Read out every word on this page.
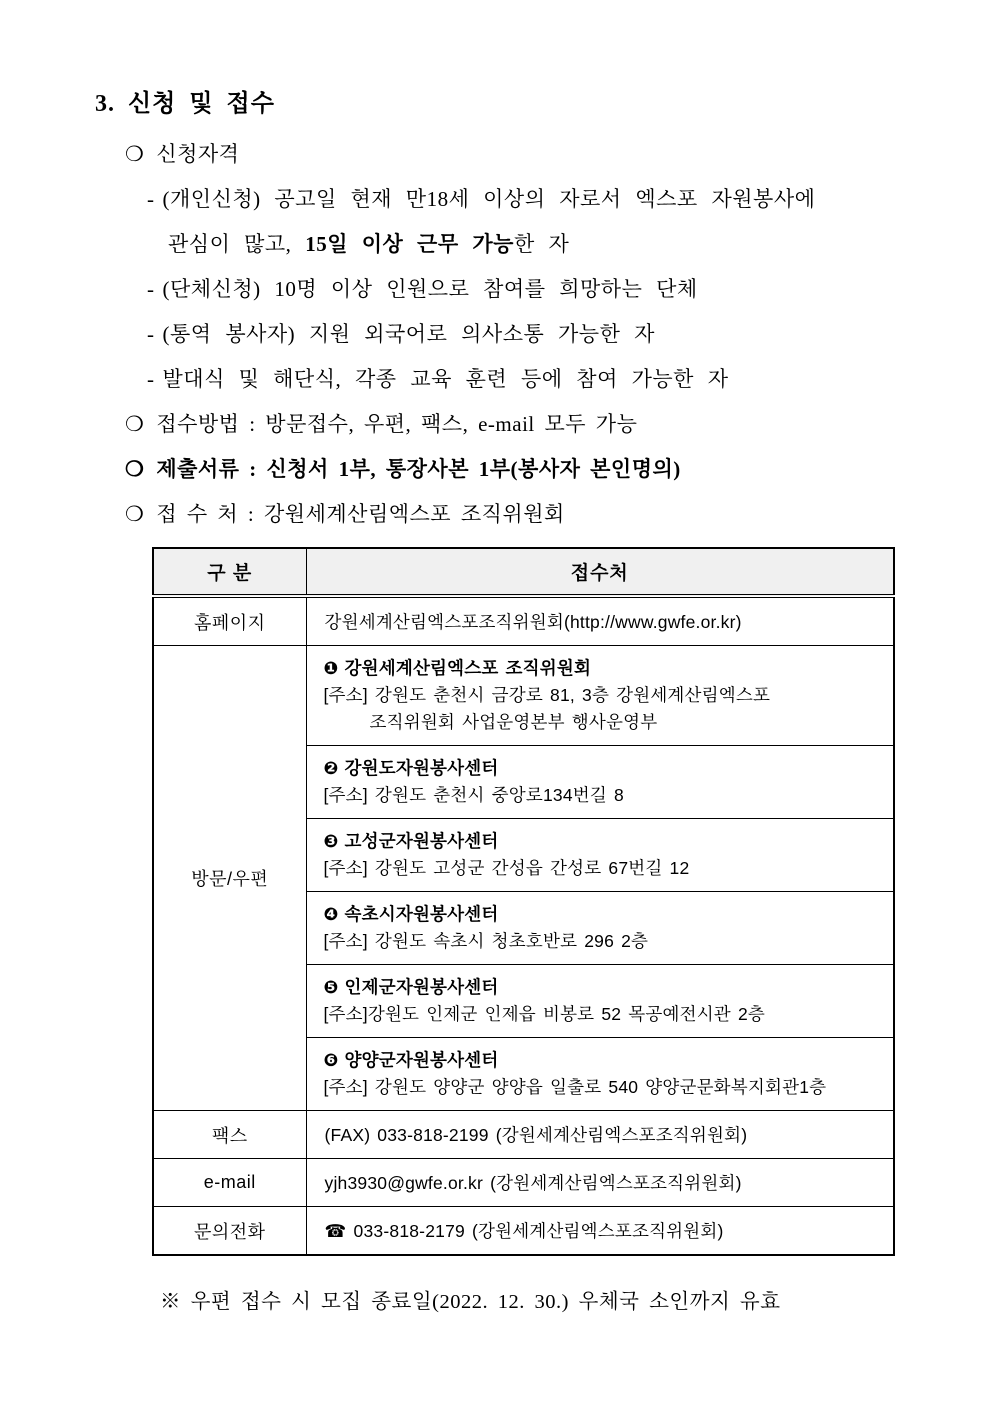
3. 신청 및 접수
❍ 신청자격
- (개인신청) 공고일 현재 만18세 이상의 자로서 엑스포 자원봉사에
관심이 많고, 15일 이상 근무 가능한 자
- (단체신청) 10명 이상 인원으로 참여를 희망하는 단체
- (통역 봉사자) 지원 외국어로 의사소통 가능한 자
- 발대식 및 해단식, 각종 교육 훈련 등에 참여 가능한 자
❍ 접수방법 : 방문접수, 우편, 팩스, e-mail 모두 가능
❍ 제출서류 : 신청서 1부, 통장사본 1부(봉사자 본인명의)
❍ 접 수 처 : 강원세계산림엑스포 조직위원회
구 분	접수처
홈페이지	강원세계산림엑스포조직위원회(http://www.gwfe.or.kr)
방문/우편	❶ 강원세계산림엑스포 조직위원회
[주소] 강원도 춘천시 금강로 81, 3층 강원세계산림엑스포
조직위원회 사업운영본부 행사운영부

	❷ 강원도자원봉사센터
[주소] 강원도 춘천시 중앙로134번길 8

	❸ 고성군자원봉사센터
[주소] 강원도 고성군 간성읍 간성로 67번길 12

	❹ 속초시자원봉사센터
[주소] 강원도 속초시 청초호반로 296 2층

	❺ 인제군자원봉사센터
[주소]강원도 인제군 인제읍 비봉로 52 목공예전시관 2층

	❻ 양양군자원봉사센터
[주소] 강원도 양양군 양양읍 일출로 540 양양군문화복지회관1층

팩스	(FAX) 033-818-2199 (강원세계산림엑스포조직위원회)
e-mail	yjh3930@gwfe.or.kr (강원세계산림엑스포조직위원회)
문의전화	☎ 033-818-2179 (강원세계산림엑스포조직위원회)
※ 우편 접수 시 모집 종료일(2022. 12. 30.) 우체국 소인까지 유효
